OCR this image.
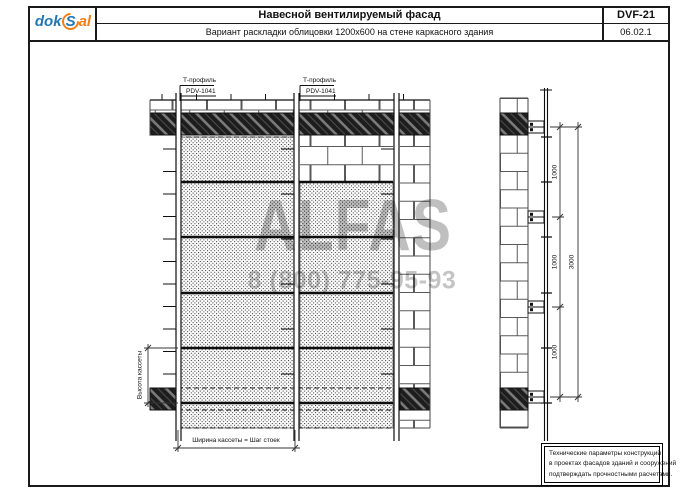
dok S al	Навесной вентилируемый фасад	DVF-21
Вариант раскладки облицовки 1200x600 на стене каркасного здания	06.02.1
Т-профиль
PDV-1041
Т-профиль
PDV-1041
Ширина кассеты = Шаг стоек
Высота кассеты
1000
1000
1000
3000
Технические параметры конструкций
в проектах фасадов зданий и сооружений
подтверждать прочностными расчетами.
ALFAS
8 (800) 775-95-93
